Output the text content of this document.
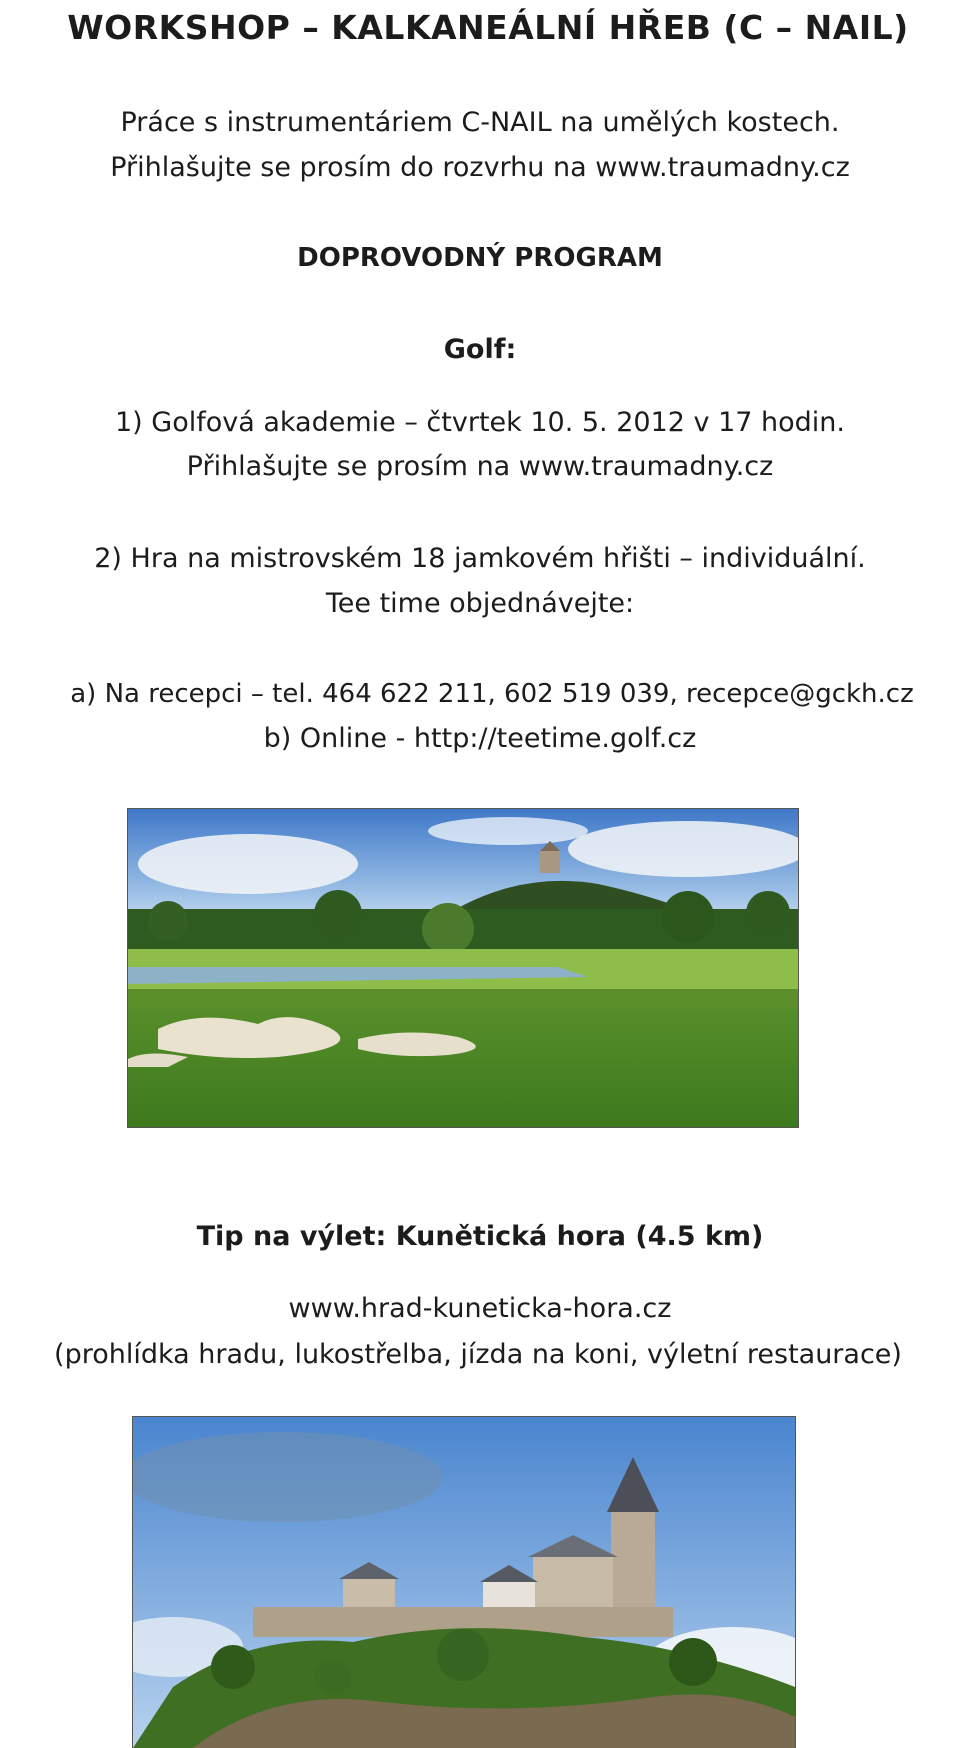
WORKSHOP – KALKANEÁLNÍ HŘEB (C – NAIL)
Práce s instrumentáriem C-NAIL na umělých kostech.
Přihlašujte se prosím do rozvrhu na www.traumadny.cz
DOPROVODNÝ PROGRAM
Golf:
1) Golfová akademie – čtvrtek 10. 5. 2012 v 17 hodin.
Přihlašujte se prosím na www.traumadny.cz
2) Hra na mistrovském 18 jamkovém hřišti – individuální.
Tee time objednávejte:
a) Na recepci – tel. 464 622 211, 602 519 039, recepce@gckh.cz
b) Online - http://teetime.golf.cz
Tip na výlet: Kunětická hora (4.5 km)
www.hrad-kuneticka-hora.cz
(prohlídka hradu, lukostřelba, jízda na koni, výletní restaurace)
